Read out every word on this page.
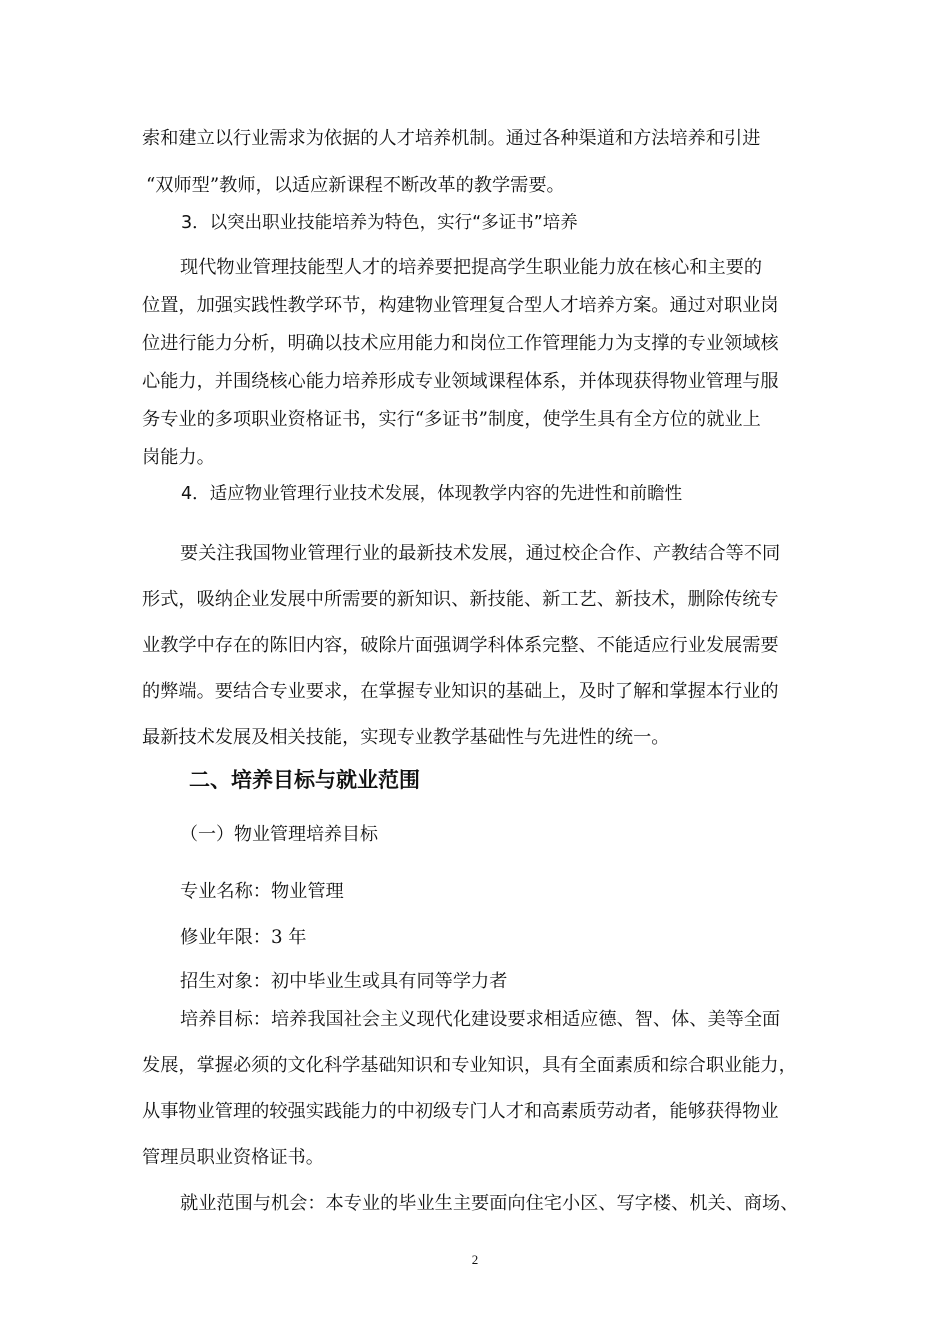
索和建立以行业需求为依据的人才培养机制。通过各种渠道和方法培养和引进
“双师型”教师，以适应新课程不断改革的教学需要。
3．以突出职业技能培养为特色，实行“多证书”培养
现代物业管理技能型人才的培养要把提高学生职业能力放在核心和主要的
位置，加强实践性教学环节，构建物业管理复合型人才培养方案。通过对职业岗
位进行能力分析，明确以技术应用能力和岗位工作管理能力为支撑的专业领域核
心能力，并围绕核心能力培养形成专业领域课程体系，并体现获得物业管理与服
务专业的多项职业资格证书，实行“多证书”制度，使学生具有全方位的就业上
岗能力。
4．适应物业管理行业技术发展，体现教学内容的先进性和前瞻性
要关注我国物业管理行业的最新技术发展，通过校企合作、产教结合等不同
形式，吸纳企业发展中所需要的新知识、新技能、新工艺、新技术，删除传统专
业教学中存在的陈旧内容，破除片面强调学科体系完整、不能适应行业发展需要
的弊端。要结合专业要求，在掌握专业知识的基础上，及时了解和掌握本行业的
最新技术发展及相关技能，实现专业教学基础性与先进性的统一。
二、培养目标与就业范围
（一）物业管理培养目标
专业名称：物业管理
修业年限：3 年
招生对象：初中毕业生或具有同等学力者
培养目标：培养我国社会主义现代化建设要求相适应德、智、体、美等全面
发展，掌握必须的文化科学基础知识和专业知识，具有全面素质和综合职业能力，
从事物业管理的较强实践能力的中初级专门人才和高素质劳动者，能够获得物业
管理员职业资格证书。
就业范围与机会：本专业的毕业生主要面向住宅小区、写字楼、机关、商场、
2
